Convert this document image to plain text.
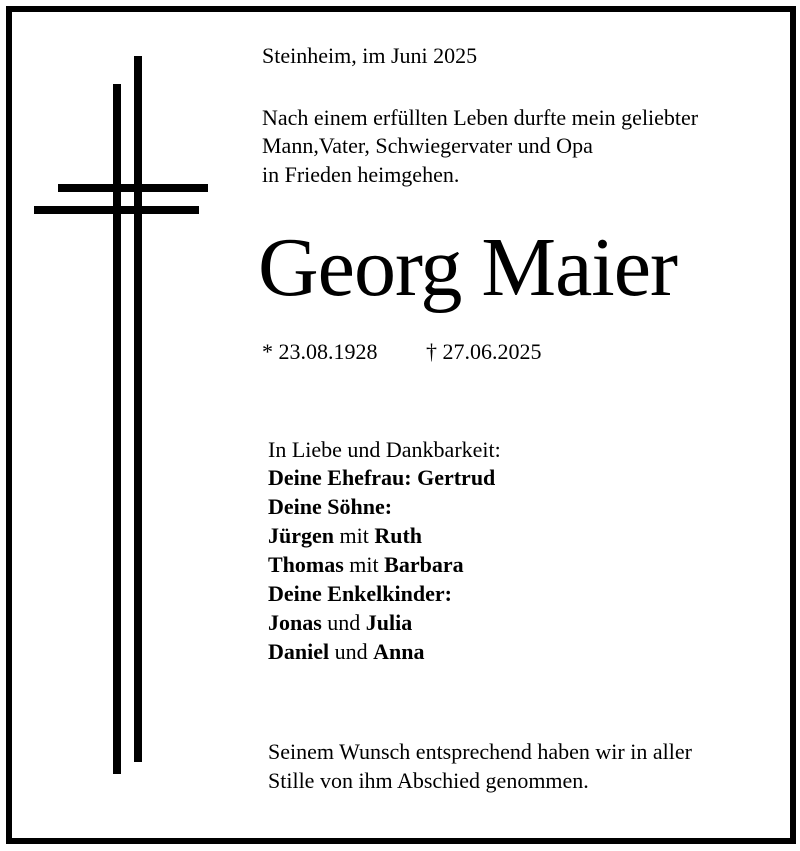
Steinheim, im Juni 2025
Nach einem erfüllten Leben durfte mein geliebter
Mann,Vater, Schwiegervater und Opa
in Frieden heimgehen.
Georg Maier
* 23.08.1928 † 27.06.2025
In Liebe und Dankbarkeit:
Deine Ehefrau: Gertrud
Deine Söhne:
Jürgen mit Ruth
Thomas mit Barbara
Deine Enkelkinder:
Jonas und Julia
Daniel und Anna
Seinem Wunsch entsprechend haben wir in aller
Stille von ihm Abschied genommen.
